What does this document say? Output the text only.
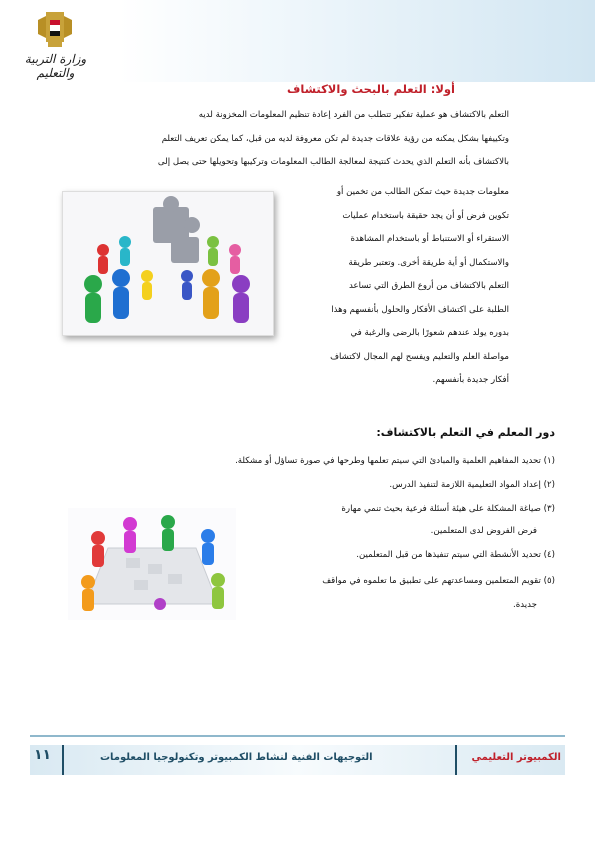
وزارة التربية والتعليم
أولا: التعلم بالبحث والاكتشاف
التعلم بالاكتشاف هو عملية تفكير تتطلب من الفرد إعادة تنظيم المعلومات المخزونة لديه
وتكييفها بشكل يمكنه من رؤية علاقات جديدة لم تكن معروفة لديه من قبل، كما يمكن تعريف التعلم
بالاكتشاف بأنه التعلم الذي يحدث كنتيجة لمعالجة الطالب المعلومات وتركيبها وتحويلها حتى يصل إلى
معلومات جديدة حيث تمكن الطالب من تخمين أو
تكوين فرض أو أن يجد حقيقة باستخدام عمليات
الاستقراء أو الاستنباط أو باستخدام المشاهدة
والاستكمال أو أية طريقة أخرى. وتعتبر طريقة
التعلم بالاكتشاف من أروع الطرق التي تساعد
الطلبة على اكتشاف الأفكار والحلول بأنفسهم وهذا
بدوره يولد عندهم شعورًا بالرضى والرغبة في
مواصلة العلم والتعليم ويفسح لهم المجال لاكتشاف
أفكار جديدة بأنفسهم.
دور المعلم في التعلم بالاكتشاف:
(١) تحديد المفاهيم العلمية والمبادئ التي سيتم تعلمها وطرحها في صورة تساؤل أو مشكلة.
(٢) إعداد المواد التعليمية اللازمة لتنفيذ الدرس.
(٣) صياغة المشكلة على هيئة أسئلة فرعية بحيث تنمي مهارة
فرض الفروض لدى المتعلمين.
(٤) تحديد الأنشطة التي سيتم تنفيذها من قبل المتعلمين.
(٥) تقويم المتعلمين ومساعدتهم على تطبيق ما تعلموه في مواقف
جديدة.
١١	التوجيهات الفنية لنشاط الكمبيوتر وتكنولوجيا المعلومات	الكمبيوتر التعليمي
